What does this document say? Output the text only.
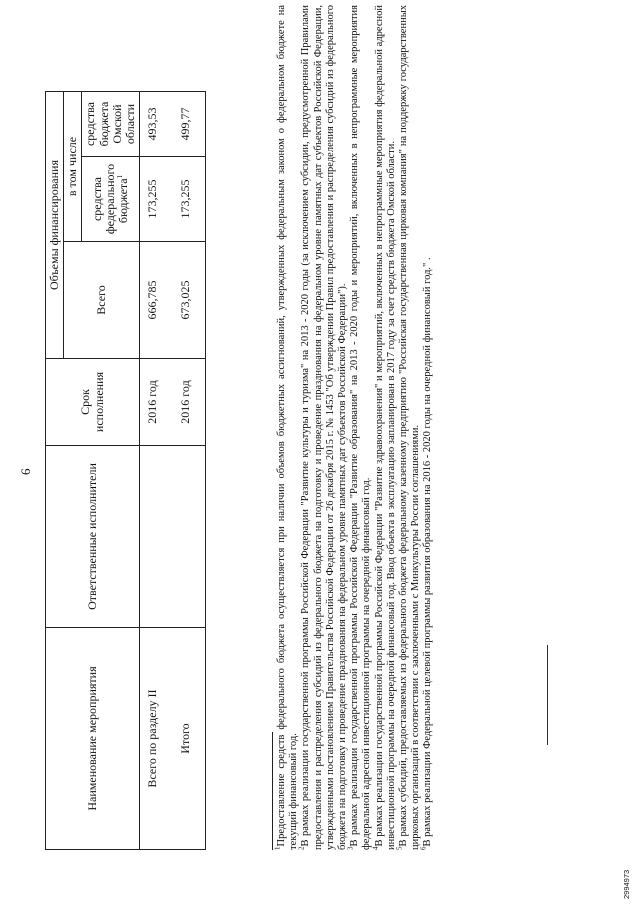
6
Наименование мероприятия	Ответственные исполнители	Срок исполнения	Объемы финансирования		
			Всего	в том числе	
				средства федерального бюджета$^1$	средства бюджета Омской области
Всего по разделу II		2016 год	666,785	173,255	493,53
Итого		2016 год	673,025	173,255	499,77

$^1$Предоставление средств федерального бюджета осуществляется при наличии объемов бюджетных ассигнований, утвержденных федеральным законом о федеральном бюджете на текущий финансовый год.

$^2$В рамках реализации государственной программы Российской Федерации "Развитие культуры и туризма" на 2013 - 2020 годы (за исключением субсидии, предусмотренной Правилами предоставления и распределения субсидий из федерального бюджета на подготовку и проведение празднования на федеральном уровне памятных дат субъектов Российской Федерации, утвержденными постановлением Правительства Российской Федерации от 26 декабря 2015 г. № 1453 "Об утверждении Правил предоставления и распределения субсидий из федерального бюджета на подготовку и проведение празднования на федеральном уровне памятных дат субъектов Российской Федерации").

$^3$В рамках реализации государственной программы Российской Федерации "Развитие образования" на 2013 - 2020 годы и мероприятий, включенных в непрограммные мероприятия федеральной адресной инвестиционной программы на очередной финансовый год.

$^4$В рамках реализации государственной программы Российской Федерации "Развитие здравоохранения" и мероприятий, включенных в непрограммные мероприятия федеральной адресной инвестиционной программы на очередной финансовый год. Ввод объекта в эксплуатацию запланирован в 2017 году за счет средств бюджета Омской области.

$^5$В рамках субсидий, предоставляемых из федерального бюджета федеральному казенному предприятию "Российская государственная цирковая компания" на поддержку государственных цирковых организаций в соответствии с заключенными с Минкультуры России соглашениями.

$^6$В рамках реализации Федеральной целевой программы развития образования на 2016 - 2020 годы на очередной финансовый год." .

2994973
